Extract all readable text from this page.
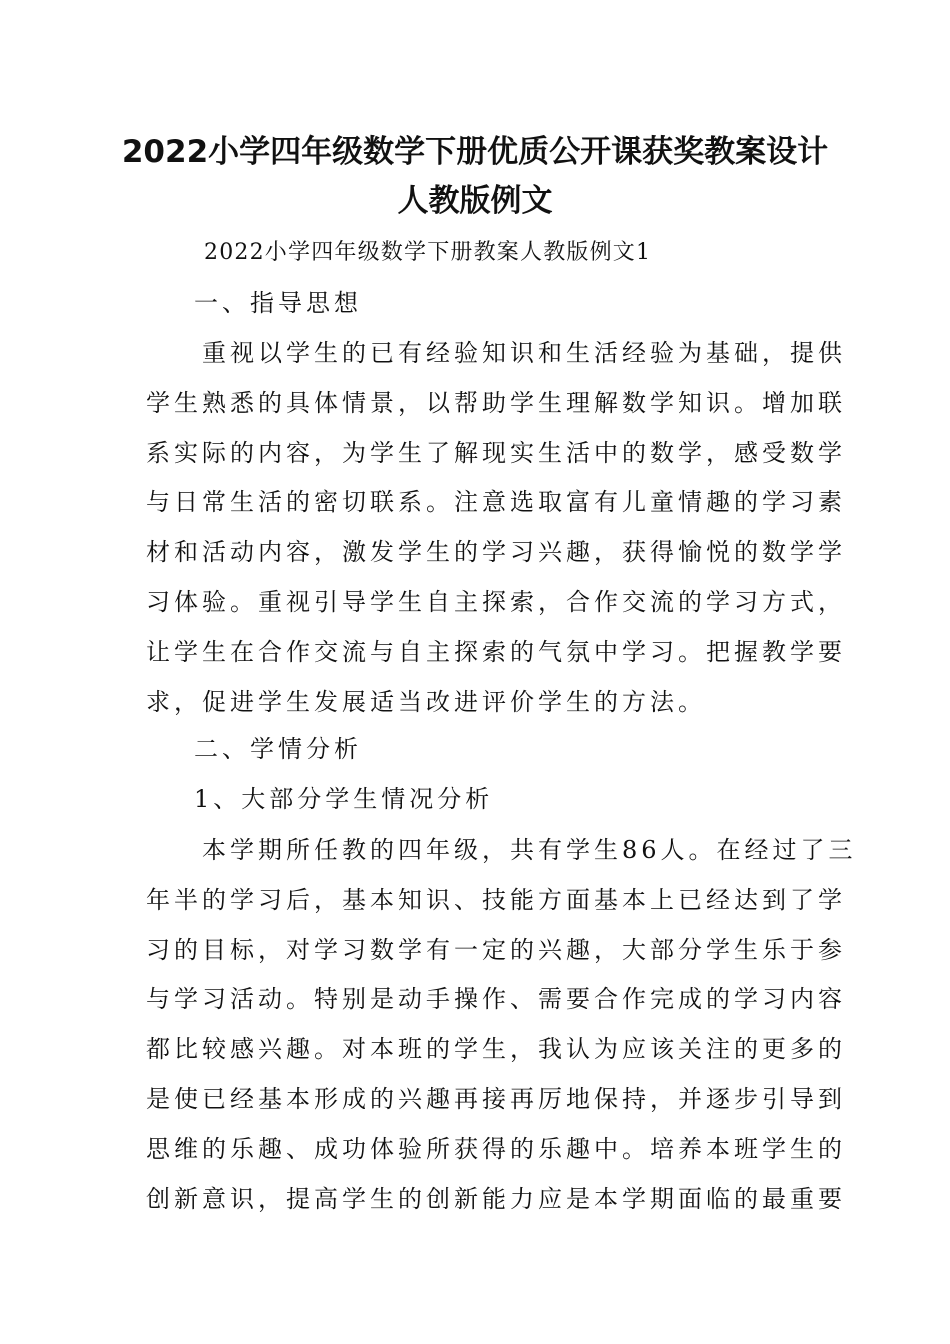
2022小学四年级数学下册优质公开课获奖教案设计
人教版例文
2022小学四年级数学下册教案人教版例文1
一、指导思想
重视以学生的已有经验知识和生活经验为基础，提供
学生熟悉的具体情景，以帮助学生理解数学知识。增加联
系实际的内容，为学生了解现实生活中的数学，感受数学
与日常生活的密切联系。注意选取富有儿童情趣的学习素
材和活动内容，激发学生的学习兴趣，获得愉悦的数学学
习体验。重视引导学生自主探索，合作交流的学习方式，
让学生在合作交流与自主探索的气氛中学习。把握教学要
求，促进学生发展适当改进评价学生的方法。
二、学情分析
1、大部分学生情况分析
本学期所任教的四年级，共有学生86人。在经过了三
年半的学习后，基本知识、技能方面基本上已经达到了学
习的目标，对学习数学有一定的兴趣，大部分学生乐于参
与学习活动。特别是动手操作、需要合作完成的学习内容
都比较感兴趣。对本班的学生，我认为应该关注的更多的
是使已经基本形成的兴趣再接再厉地保持，并逐步引导到
思维的乐趣、成功体验所获得的乐趣中。培养本班学生的
创新意识，提高学生的创新能力应是本学期面临的最重要
